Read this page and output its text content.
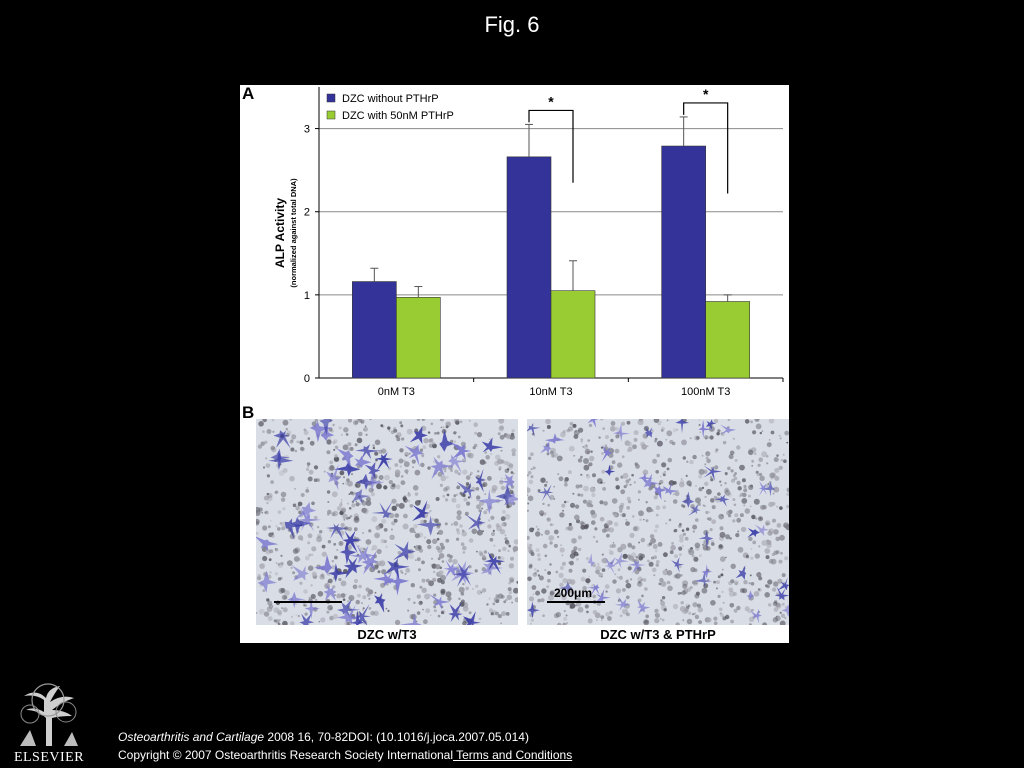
Fig. 6
A
0
1
2
3
ALP Activity (normalized against total DNA)
0nM T3	10nM T3	100nM T3
*	*
DZC without PTHrP
DZC with 50nM PTHrP
B
200μm
DZC w/T3	DZC w/T3 & PTHrP
ELSEVIER
Osteoarthritis and Cartilage 2008 16, 70-82DOI: (10.1016/j.joca.2007.05.014)
Copyright © 2007 Osteoarthritis Research Society International Terms and Conditions
